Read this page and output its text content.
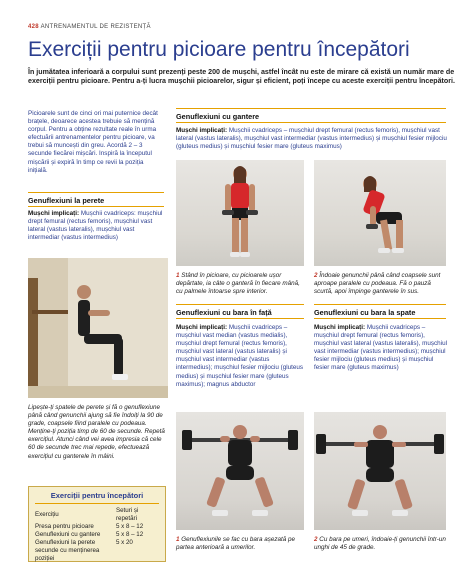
428 ANTRENAMENTUL DE REZISTENȚĂ
Exerciții pentru picioare pentru începători
În jumătatea inferioară a corpului sunt prezenți peste 200 de mușchi, astfel încât nu este de mirare că există un număr mare de exerciții pentru picioare. Pentru a-ți lucra mușchii picioarelor, sigur și eficient, poți începe cu aceste exerciții pentru începători.
Picioarele sunt de cinci ori mai puternice decât brațele, deoarece acestea trebuie să mențină corpul. Pentru a obține rezultate reale în urma efectuării antrenamentelor pentru picioare, va trebui să muncești din greu. Acordă 2 – 3 secunde fiecărei mișcări. Inspiră la începutul mișcării și expiră în timp ce revii la poziția inițială.
Genuflexiuni la perete
Mușchi implicați: Mușchii cvadriceps: mușchiul drept femural (rectus femoris), mușchiul vast lateral (vastus lateralis), mușchiul vast intermediar (vastus intermedius)
Lipește-ți spatele de perete și fă o genuflexiune până când genunchii ajung să fie îndoiți la 90 de grade, coapsele fiind paralele cu podeaua. Menține-ți poziția timp de 60 de secunde. Repetă exercițiul. Atunci când vei avea impresia că cele 60 de secunde trec mai repede, efectuează exercițiul cu ganterele în mâini.
Exerciții pentru începători
Exercițiu	Seturi și repetări
Presa pentru picioare	5 x 8 – 12
Genuflexiuni cu gantere	5 x 8 – 12
Genuflexiuni la perete	5 x 20
secunde cu menținerea poziției	
Genuflexiuni cu gantere
Mușchi implicați: Mușchii cvadriceps – mușchiul drept femural (rectus femoris), mușchiul vast lateral (vastus lateralis), mușchiul vast intermediar (vastus intermedius) și mușchiul fesier mijlociu (gluteus medius) și mușchiul fesier mare (gluteus maximus)
1 Stând în picioare, cu picioarele ușor depărtate, ia câte o ganteră în fiecare mână, cu palmele întoarse spre interior.
2 Îndoaie genunchii până când coapsele sunt aproape paralele cu podeaua. Fă o pauză scurtă, apoi împinge ganterele în sus.
Genuflexiuni cu bara în față
Mușchi implicați: Mușchii cvadriceps – mușchiul vast median (vastus medialis), mușchiul drept femural (rectus femoris), mușchiul vast lateral (vastus lateralis) și mușchiul vast intermediar (vastus intermedius); mușchiul fesier mijlociu (gluteus medius) și mușchiul fesier mare (gluteus maximus); magnus abductor
Genuflexiuni cu bara la spate
Mușchi implicați: Mușchii cvadriceps – mușchiul drept femural (rectus femoris), mușchiul vast lateral (vastus lateralis), mușchiul vast intermediar (vastus intermedius); mușchiul fesier mijlociu (gluteus medius) și mușchiul fesier mare (gluteus maximus)
1 Genuflexiunile se fac cu bara așezată pe partea anterioară a umerilor.
2 Cu bara pe umeri, îndoaie-ți genunchii într-un unghi de 45 de grade.
